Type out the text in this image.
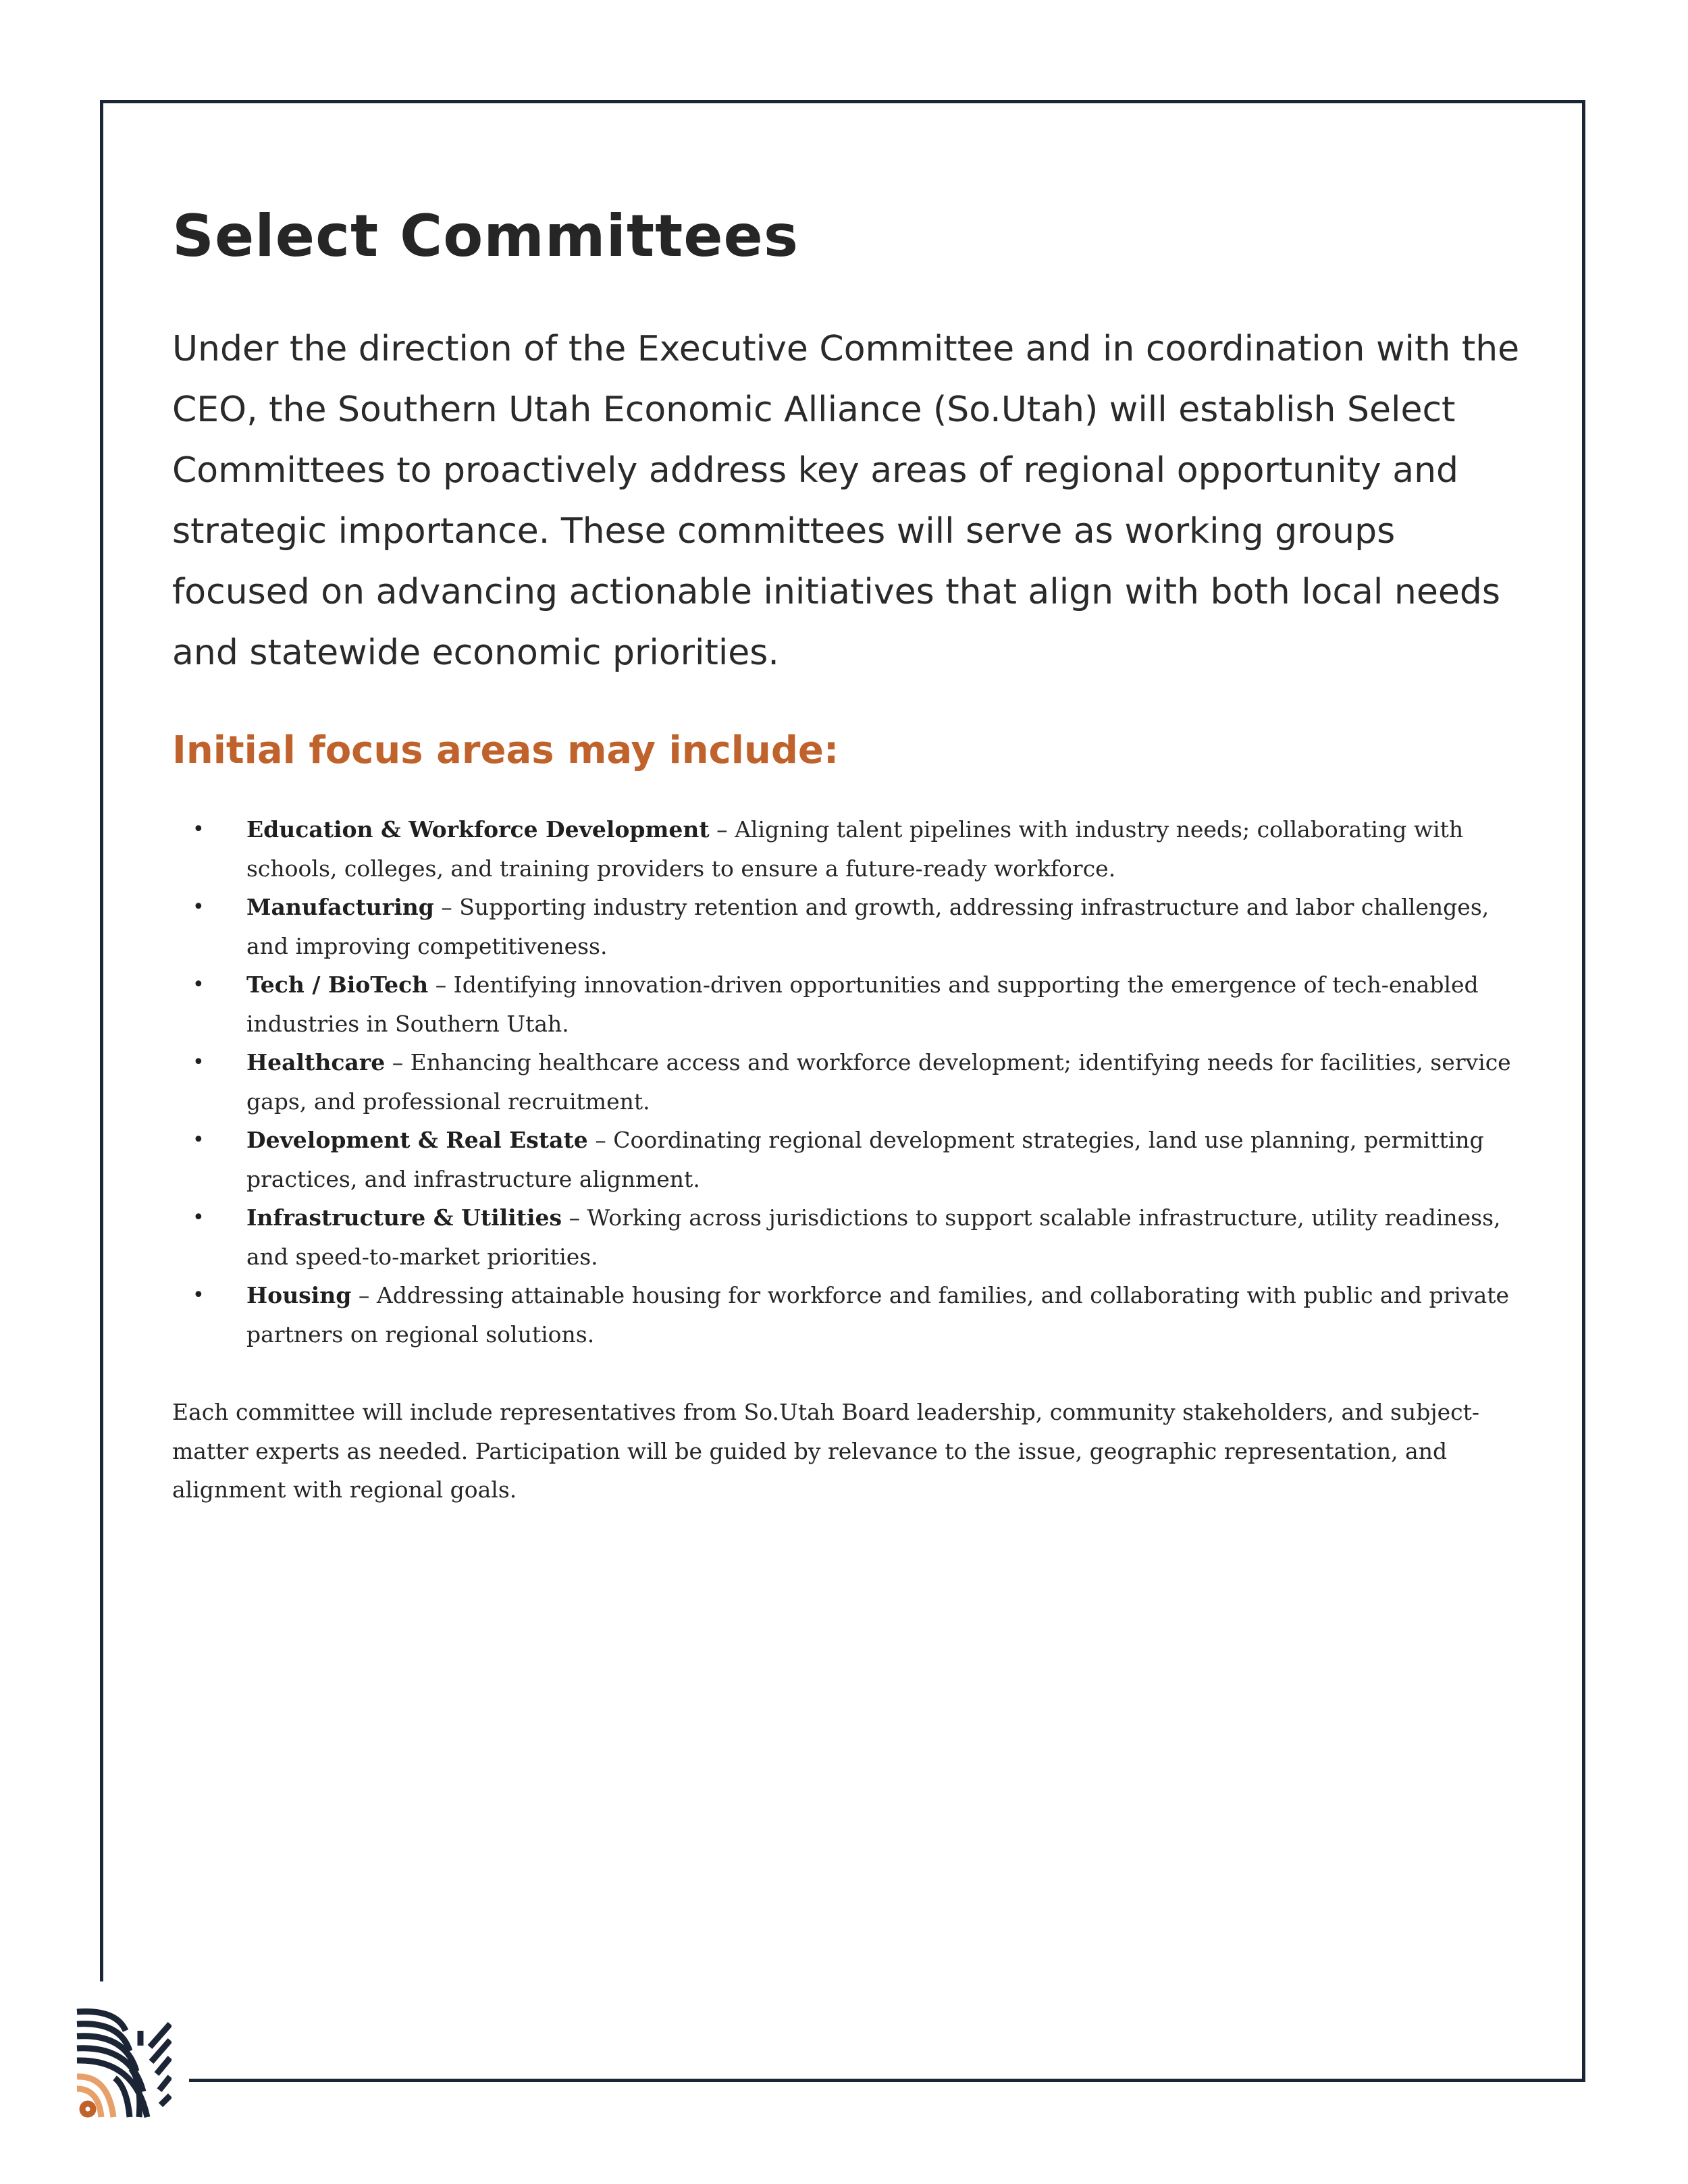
Select Committees

Under the direction of the Executive Committee and in coordination with the CEO, the Southern Utah Economic Alliance (So.Utah) will establish Select Committees to proactively address key areas of regional opportunity and strategic importance. These committees will serve as working groups focused on advancing actionable initiatives that align with both local needs and statewide economic priorities.

Initial focus areas may include:
• Education & Workforce Development – Aligning talent pipelines with industry needs; collaborating with schools, colleges, and training providers to ensure a future-ready workforce.
• Manufacturing – Supporting industry retention and growth, addressing infrastructure and labor challenges, and improving competitiveness.
• Tech / BioTech – Identifying innovation-driven opportunities and supporting the emergence of tech-enabled industries in Southern Utah.
• Healthcare – Enhancing healthcare access and workforce development; identifying needs for facilities, service gaps, and professional recruitment.
• Development & Real Estate – Coordinating regional development strategies, land use planning, permitting practices, and infrastructure alignment.
• Infrastructure & Utilities – Working across jurisdictions to support scalable infrastructure, utility readiness, and speed-to-market priorities.
• Housing – Addressing attainable housing for workforce and families, and collaborating with public and private partners on regional solutions.

Each committee will include representatives from So.Utah Board leadership, community stakeholders, and subject-matter experts as needed. Participation will be guided by relevance to the issue, geographic representation, and alignment with regional goals.
